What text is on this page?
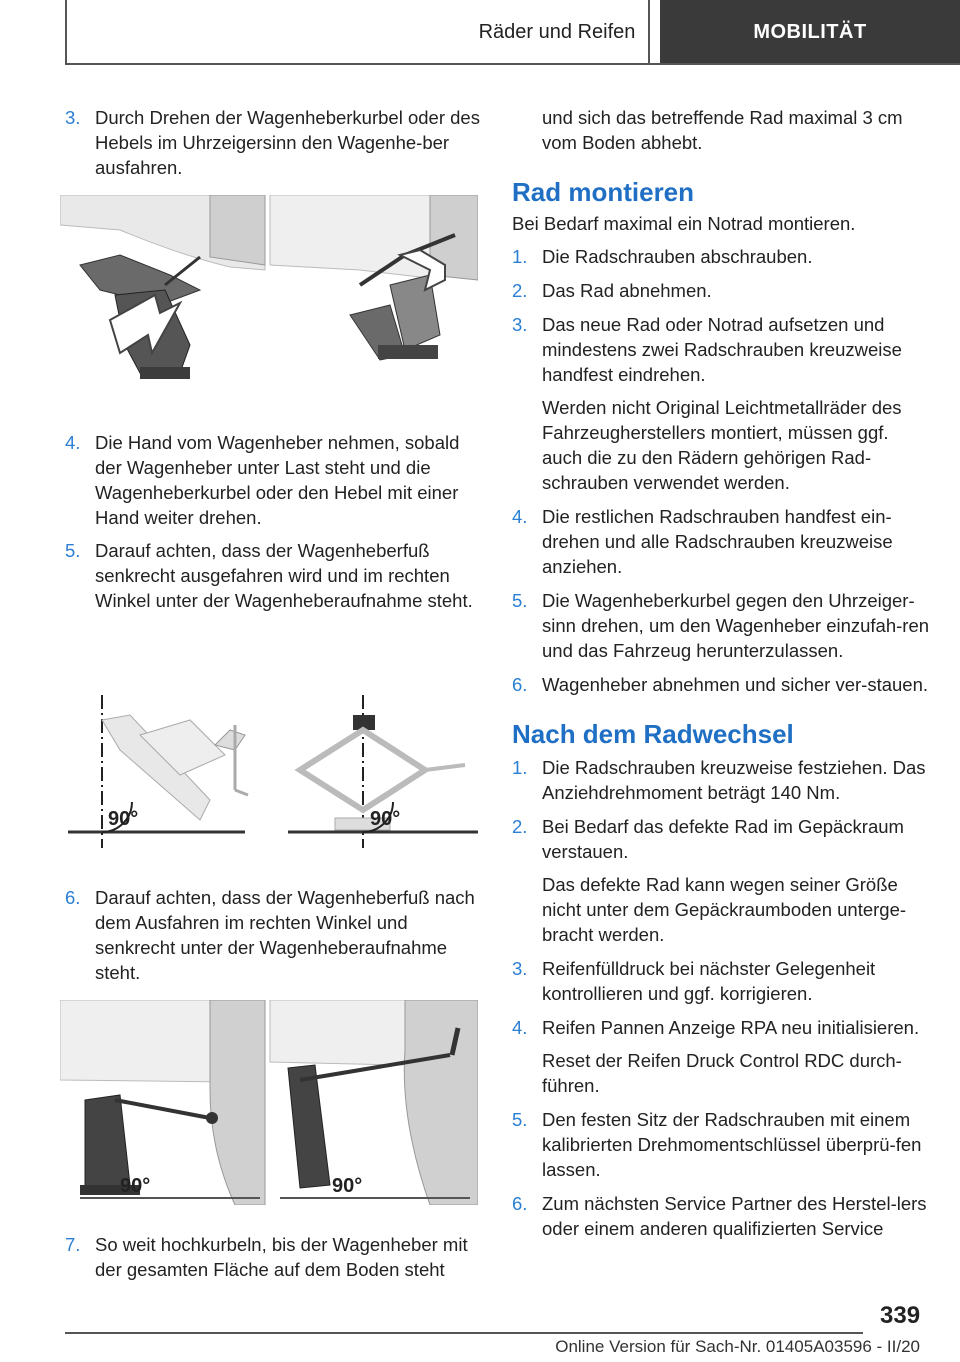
Räder und Reifen	MOBILITÄT

3. Durch Drehen der Wagenheberkurbel oder des Hebels im Uhrzeigersinn den Wagenhe-ber ausfahren.

4. Die Hand vom Wagenheber nehmen, sobald der Wagenheber unter Last steht und die Wagenheberkurbel oder den Hebel mit einer Hand weiter drehen.

5. Darauf achten, dass der Wagenheberfuß senkrecht ausgefahren wird und im rechten Winkel unter der Wagenheberaufnahme steht.

90°	90°

6. Darauf achten, dass der Wagenheberfuß nach dem Ausfahren im rechten Winkel und senkrecht unter der Wagenheberaufnahme steht.

90°	90°

7. So weit hochkurbeln, bis der Wagenheber mit der gesamten Fläche auf dem Boden steht

und sich das betreffende Rad maximal 3 cm vom Boden abhebt.

Rad montieren

Bei Bedarf maximal ein Notrad montieren.

1. Die Radschrauben abschrauben.

2. Das Rad abnehmen.

3. Das neue Rad oder Notrad aufsetzen und mindestens zwei Radschrauben kreuzweise handfest eindrehen.

Werden nicht Original Leichtmetallräder des Fahrzeugherstellers montiert, müssen ggf. auch die zu den Rädern gehörigen Rad-schrauben verwendet werden.

4. Die restlichen Radschrauben handfest ein-drehen und alle Radschrauben kreuzweise anziehen.

5. Die Wagenheberkurbel gegen den Uhrzeiger-sinn drehen, um den Wagenheber einzufah-ren und das Fahrzeug herunterzulassen.

6. Wagenheber abnehmen und sicher ver-stauen.

Nach dem Radwechsel

1. Die Radschrauben kreuzweise festziehen. Das Anziehdrehmoment beträgt 140 Nm.

2. Bei Bedarf das defekte Rad im Gepäckraum verstauen.

Das defekte Rad kann wegen seiner Größe nicht unter dem Gepäckraumboden unterge-bracht werden.

3. Reifenfülldruck bei nächster Gelegenheit kontrollieren und ggf. korrigieren.

4. Reifen Pannen Anzeige RPA neu initialisieren.

Reset der Reifen Druck Control RDC durch-führen.

5. Den festen Sitz der Radschrauben mit einem kalibrierten Drehmomentschlüssel überprü-fen lassen.

6. Zum nächsten Service Partner des Herstel-lers oder einem anderen qualifizierten Service

339
Online Version für Sach-Nr. 01405A03596 - II/20
